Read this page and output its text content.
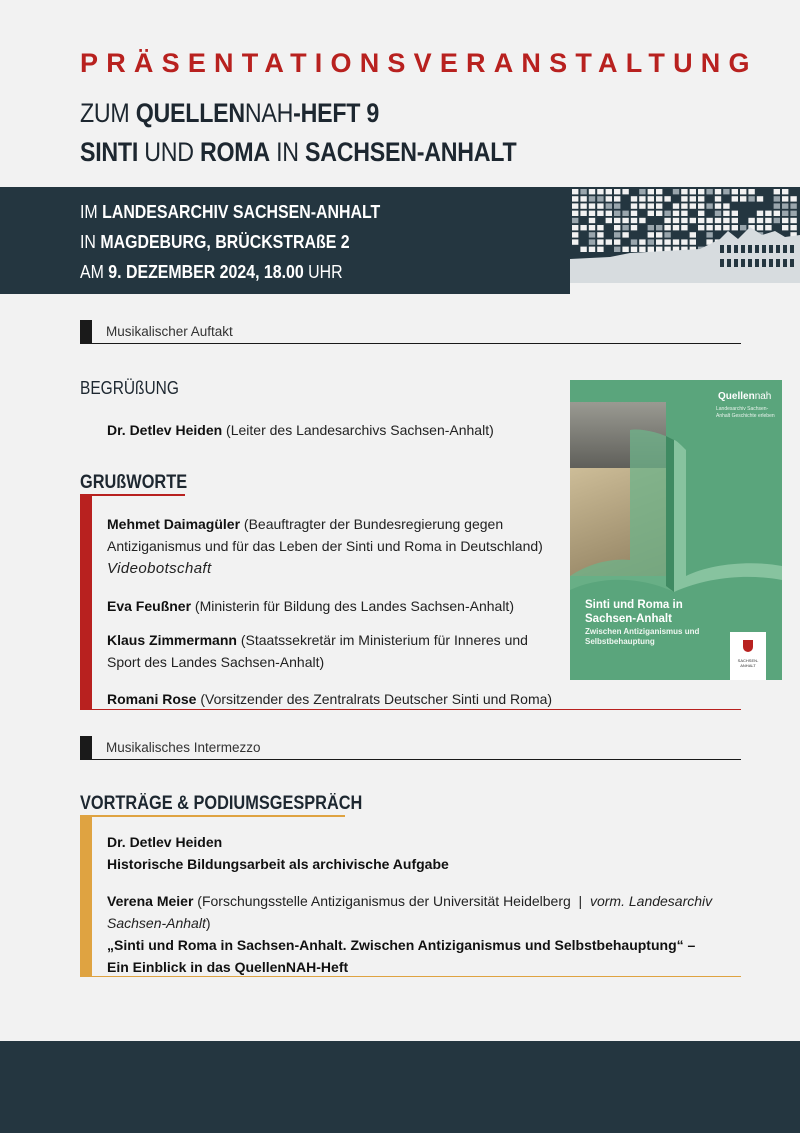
PRÄSENTATIONSVERANSTALTUNG
ZUM QUELLENNAH-HEFT 9
SINTI UND ROMA IN SACHSEN-ANHALT
IM LANDESARCHIV SACHSEN-ANHALT
IN MAGDEBURG, BRÜCKSTRAßE 2
AM 9. DEZEMBER 2024, 18.00 UHR
Musikalischer Auftakt
BEGRÜßUNG
Dr. Detlev Heiden (Leiter des Landesarchivs Sachsen-Anhalt)
GRUßWORTE
Mehmet Daimagüler (Beauftragter der Bundesregierung gegen
Antiziganismus und für das Leben der Sinti und Roma in Deutschland)
Videobotschaft
Eva Feußner (Ministerin für Bildung des Landes Sachsen-Anhalt)
Klaus Zimmermann (Staatssekretär im Ministerium für Inneres und
Sport des Landes Sachsen-Anhalt)
Romani Rose (Vorsitzender des Zentralrats Deutscher Sinti und Roma)
Quellennah
Landesarchiv Sachsen-Anhalt Geschichte erleben
Sinti und Roma in
Sachsen-Anhalt
Zwischen Antiziganismus und
Selbstbehauptung
SACHSEN-ANHALT
Musikalisches Intermezzo
VORTRÄGE & PODIUMSGESPRÄCH
Dr. Detlev Heiden
Historische Bildungsarbeit als archivische Aufgabe
Verena Meier (Forschungsstelle Antiziganismus der Universität Heidelberg  |  vorm. Landesarchiv
Sachsen-Anhalt)
„Sinti und Roma in Sachsen-Anhalt. Zwischen Antiziganismus und Selbstbehauptung“ –
Ein Einblick in das QuellenNAH-Heft
